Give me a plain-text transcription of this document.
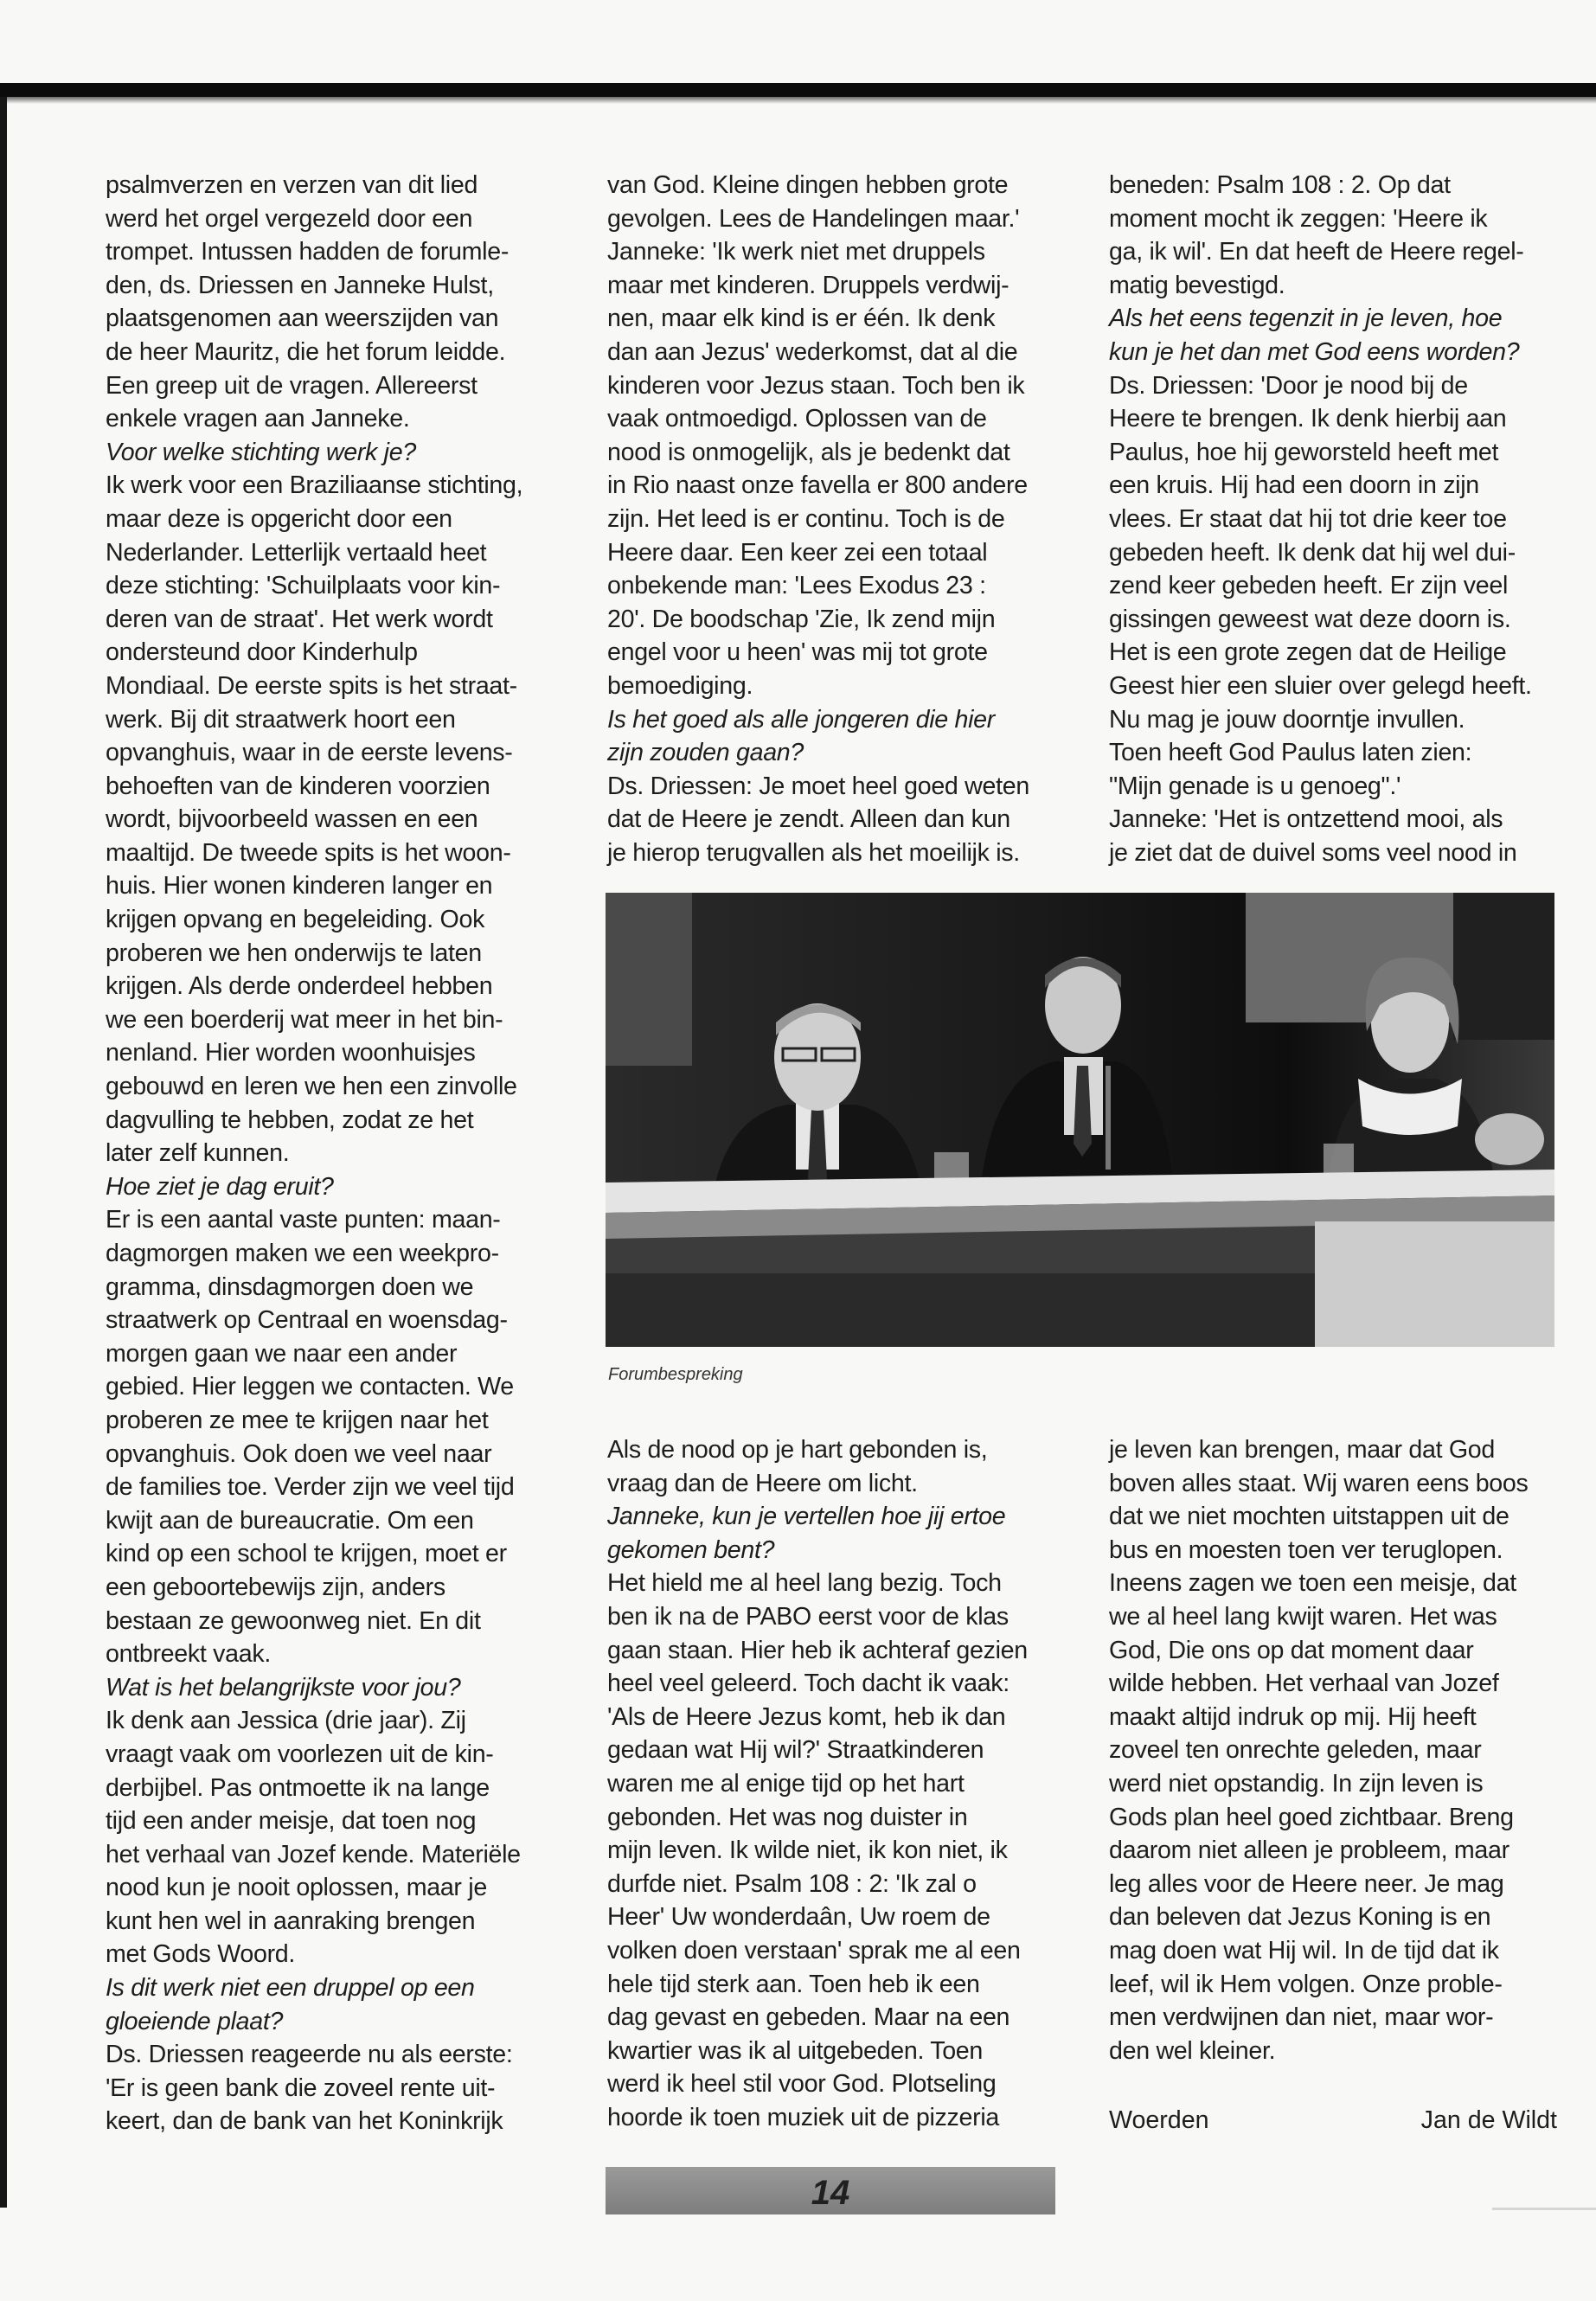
psalmverzen en verzen van dit lied

werd het orgel vergezeld door een

trompet. Intussen hadden de forumle-

den, ds. Driessen en Janneke Hulst,

plaatsgenomen aan weerszijden van

de heer Mauritz, die het forum leidde.

Een greep uit de vragen. Allereerst

enkele vragen aan Janneke.

Voor welke stichting werk je?

Ik werk voor een Braziliaanse stichting,

maar deze is opgericht door een

Nederlander. Letterlijk vertaald heet

deze stichting: 'Schuilplaats voor kin-

deren van de straat'. Het werk wordt

ondersteund door Kinderhulp

Mondiaal. De eerste spits is het straat-

werk. Bij dit straatwerk hoort een

opvanghuis, waar in de eerste levens-

behoeften van de kinderen voorzien

wordt, bijvoorbeeld wassen en een

maaltijd. De tweede spits is het woon-

huis. Hier wonen kinderen langer en

krijgen opvang en begeleiding. Ook

proberen we hen onderwijs te laten

krijgen. Als derde onderdeel hebben

we een boerderij wat meer in het bin-

nenland. Hier worden woonhuisjes

gebouwd en leren we hen een zinvolle

dagvulling te hebben, zodat ze het

later zelf kunnen.

Hoe ziet je dag eruit?

Er is een aantal vaste punten: maan-

dagmorgen maken we een weekpro-

gramma, dinsdagmorgen doen we

straatwerk op Centraal en woensdag-

morgen gaan we naar een ander

gebied. Hier leggen we contacten. We

proberen ze mee te krijgen naar het

opvanghuis. Ook doen we veel naar

de families toe. Verder zijn we veel tijd

kwijt aan de bureaucratie. Om een

kind op een school te krijgen, moet er

een geboortebewijs zijn, anders

bestaan ze gewoonweg niet. En dit

ontbreekt vaak.

Wat is het belangrijkste voor jou?

Ik denk aan Jessica (drie jaar). Zij

vraagt vaak om voorlezen uit de kin-

derbijbel. Pas ontmoette ik na lange

tijd een ander meisje, dat toen nog

het verhaal van Jozef kende. Materiële

nood kun je nooit oplossen, maar je

kunt hen wel in aanraking brengen

met Gods Woord.

Is dit werk niet een druppel op een

gloeiende plaat?

Ds. Driessen reageerde nu als eerste:

'Er is geen bank die zoveel rente uit-

keert, dan de bank van het Koninkrijk

van God. Kleine dingen hebben grote

gevolgen. Lees de Handelingen maar.'

Janneke: 'Ik werk niet met druppels

maar met kinderen. Druppels verdwij-

nen, maar elk kind is er één. Ik denk

dan aan Jezus' wederkomst, dat al die

kinderen voor Jezus staan. Toch ben ik

vaak ontmoedigd. Oplossen van de

nood is onmogelijk, als je bedenkt dat

in Rio naast onze favella er 800 andere

zijn. Het leed is er continu. Toch is de

Heere daar. Een keer zei een totaal

onbekende man: 'Lees Exodus 23 :

20'. De boodschap 'Zie, Ik zend mijn

engel voor u heen' was mij tot grote

bemoediging.

Is het goed als alle jongeren die hier

zijn zouden gaan?

Ds. Driessen: Je moet heel goed weten

dat de Heere je zendt. Alleen dan kun

je hierop terugvallen als het moeilijk is.

beneden: Psalm 108 : 2. Op dat

moment mocht ik zeggen: 'Heere ik

ga, ik wil'. En dat heeft de Heere regel-

matig bevestigd.

Als het eens tegenzit in je leven, hoe

kun je het dan met God eens worden?

Ds. Driessen: 'Door je nood bij de

Heere te brengen. Ik denk hierbij aan

Paulus, hoe hij geworsteld heeft met

een kruis. Hij had een doorn in zijn

vlees. Er staat dat hij tot drie keer toe

gebeden heeft. Ik denk dat hij wel dui-

zend keer gebeden heeft. Er zijn veel

gissingen geweest wat deze doorn is.

Het is een grote zegen dat de Heilige

Geest hier een sluier over gelegd heeft.

Nu mag je jouw doorntje invullen.

Toen heeft God Paulus laten zien:

"Mijn genade is u genoeg".'

Janneke: 'Het is ontzettend mooi, als

je ziet dat de duivel soms veel nood in

Forumbespreking

Als de nood op je hart gebonden is,

vraag dan de Heere om licht.

Janneke, kun je vertellen hoe jij ertoe

gekomen bent?

Het hield me al heel lang bezig. Toch

ben ik na de PABO eerst voor de klas

gaan staan. Hier heb ik achteraf gezien

heel veel geleerd. Toch dacht ik vaak:

'Als de Heere Jezus komt, heb ik dan

gedaan wat Hij wil?' Straatkinderen

waren me al enige tijd op het hart

gebonden. Het was nog duister in

mijn leven. Ik wilde niet, ik kon niet, ik

durfde niet. Psalm 108 : 2: 'Ik zal o

Heer' Uw wonderdaân, Uw roem de

volken doen verstaan' sprak me al een

hele tijd sterk aan. Toen heb ik een

dag gevast en gebeden. Maar na een

kwartier was ik al uitgebeden. Toen

werd ik heel stil voor God. Plotseling

hoorde ik toen muziek uit de pizzeria

je leven kan brengen, maar dat God

boven alles staat. Wij waren eens boos

dat we niet mochten uitstappen uit de

bus en moesten toen ver teruglopen.

Ineens zagen we toen een meisje, dat

we al heel lang kwijt waren. Het was

God, Die ons op dat moment daar

wilde hebben. Het verhaal van Jozef

maakt altijd indruk op mij. Hij heeft

zoveel ten onrechte geleden, maar

werd niet opstandig. In zijn leven is

Gods plan heel goed zichtbaar. Breng

daarom niet alleen je probleem, maar

leg alles voor de Heere neer. Je mag

dan beleven dat Jezus Koning is en

mag doen wat Hij wil. In de tijd dat ik

leef, wil ik Hem volgen. Onze proble-

men verdwijnen dan niet, maar wor-

den wel kleiner.

Woerden	Jan de Wildt

14
